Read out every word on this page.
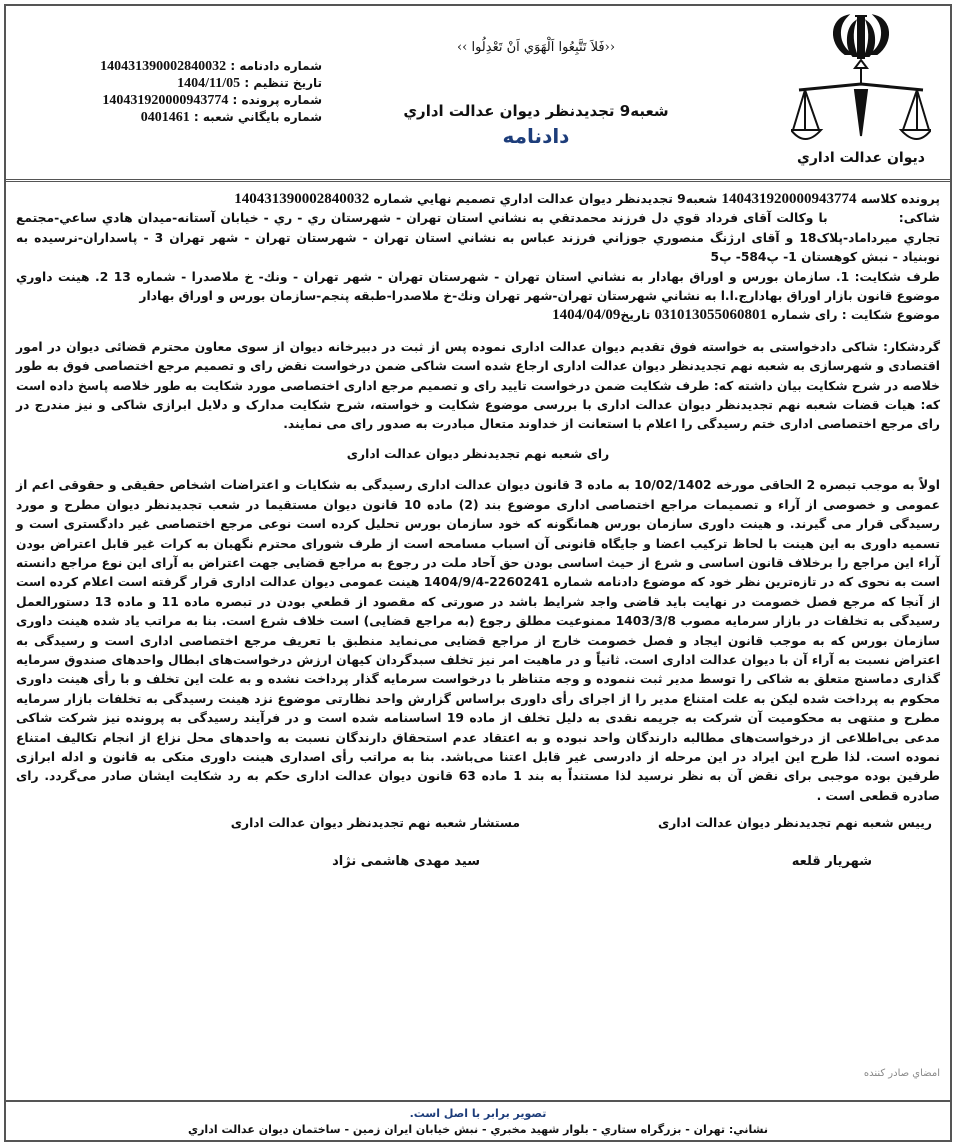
ديوان عدالت اداري
‹‹فَلاَ تَتَّبِعُوا اَلْهَوَي اَنْ تَعْدِلُوا ››
شعبه9 تجديدنظر ديوان عدالت اداري
دادنامه
شماره دادنامه : 140431390002840032
تاريخ تنظيم : 1404/11/05
شماره پرونده : 140431920000943774
شماره بايگاني شعبه : 0401461

پرونده کلاسه 140431920000943774 شعبه9 تجديدنظر ديوان عدالت اداري تصميم نهايي شماره 140431390002840032

شاکی:              با وکالت آقای فرداد قوي دل فرزند محمدتقي به نشاني استان تهران - شهرستان ري - ري - خيابان آستانه-ميدان هادي ساعي-مجتمع تجاري ميرداماد-پلاک18 و آقای ارژنگ منصوري جوزاني فرزند عباس به نشاني استان تهران - شهرستان تهران - شهر تهران 3 - پاسداران-نرسيده به نوبنياد - نبش کوهستان 1- پ584- پ5

طرف شکايت: 1. سازمان بورس و اوراق بهادار به نشاني استان تهران - شهرستان تهران - شهر تهران - ونك- خ ملاصدرا - شماره 13 2. هينت داوري موضوع قانون بازار اوراق بهادارج.ا.ا به نشاني شهرستان تهران-شهر تهران ونك-خ ملاصدرا-طبقه پنجم-سازمان بورس و اوراق بهادار

موضوع شکايت : رای شماره 031013055060801 تاريخ1404/04/09

گردشکار: شاکی دادخواستی به خواسته فوق تقديم ديوان عدالت اداری نموده پس از ثبت در دبيرخانه ديوان از سوی معاون محترم قضائی ديوان در امور اقتصادی و شهرسازی به شعبه نهم تجديدنظر ديوان عدالت اداری ارجاع شده است شاکی ضمن درخواست نقض رای و تصميم مرجع اختصاصی فوق به طور خلاصه در شرح شکايت بيان داشته که: طرف شکايت ضمن درخواست تاييد رای و تصميم مرجع اداری اختصاصی مورد شکايت به طور خلاصه پاسخ داده است که: هيات قضات شعبه نهم تجديدنظر ديوان عدالت اداری با بررسی موضوع شکايت و خواسته، شرح شکايت مدارک و دلايل ابرازی شاکی و نيز مندرج در رای مرجع اختصاصی اداری ختم رسيدگی را اعلام با استعانت از خداوند متعال مبادرت به صدور رای می نمايند.

رای شعبه نهم تجديدنظر ديوان عدالت اداری

اولاً به موجب تبصره 2 الحاقی مورخه 10/02/1402 به ماده 3 قانون ديوان عدالت اداری رسيدگی به شکايات و اعتراضات اشخاص حقيقی و حقوقی اعم از عمومی و خصوصی از آراء و تصميمات مراجع اختصاصی اداری موضوع بند (2) ماده 10 قانون ديوان مستقيما در شعب تجديدنظر ديوان مطرح و مورد رسيدگی قرار می گيرند. و هينت داوری سازمان بورس همانگونه که خود سازمان بورس تحليل کرده است نوعی مرجع اختصاصی غير دادگستری است و تسميه داوری به اين هينت با لحاظ ترکيب اعضا و جايگاه قانونی آن اسباب مسامحه است از طرف شورای محترم نگهبان به کرات غير قابل اعتراض بودن آراء اين مراجع را برخلاف قانون اساسی و شرع از حيث اساسی بودن حق آحاد ملت در رجوع به مراجع قضايی جهت اعتراض به آرای اين نوع مراجع دانسته است به نحوی که در تازه‌ترين نظر خود که موضوع دادنامه شماره 2260241-1404/9/4 هينت عمومی ديوان عدالت اداری قرار گرفته است اعلام کرده است از آنجا که مرجع فصل خصومت در نهايت بايد قاضی واجد شرايط باشد در صورتی که مقصود از قطعي بودن در تبصره ماده 11 و ماده 13 دستورالعمل رسيدگی به تخلفات در بازار سرمايه مصوب 1403/3/8 ممنوعيت مطلق رجوع (به مراجع قضايی) است خلاف شرع است. بنا به مراتب ياد شده هينت داوری سازمان بورس که به موجب قانون ايجاد و فصل خصومت خارج از مراجع قضايی می‌نمايد منطبق با تعريف مرجع اختصاصی اداری است و رسيدگی به اعتراض نسبت به آراء آن با ديوان عدالت اداری است. ثانياً و در ماهيت امر نيز تخلف سبدگردان کيهان ارزش درخواست‌های ابطال واحدهای صندوق سرمايه گذاری دماسنج متعلق به شاکی را توسط مدير ثبت ننموده و وجه متناظر با درخواست سرمايه گذار پرداخت نشده و به علت اين تخلف و با رأی هينت داوری محکوم به پرداخت شده ليکن به علت امتناع مدير را از اجرای رأی داوری براساس گزارش واحد نظارتی موضوع نزد هينت رسيدگی به تخلفات بازار سرمايه مطرح و منتهی به محکوميت آن شرکت به جريمه نقدی به دليل تخلف از ماده 19 اساسنامه شده است و در فرآيند رسيدگی به پرونده نيز شرکت شاکی مدعی بی‌اطلاعی از درخواست‌های مطالبه دارندگان واحد نبوده و به اعتقاد عدم استحقاق دارندگان نسبت به واحدهای محل نزاع از انجام تکاليف امتناع نموده است. لذا طرح اين ايراد در اين مرحله از دادرسی غير قابل اعتنا می‌باشد. بنا به مراتب رأی اصداری هينت داوری متکی به قانون و ادله ابرازی طرفين بوده موجبی برای نقض آن به نظر نرسيد لذا مستنداً به بند 1 ماده 63 قانون ديوان عدالت اداری حکم به رد شکايت ايشان صادر می‌گردد. رای صادره قطعی است .

رييس شعبه نهم تجديدنظر ديوان عدالت اداری
شهريار قلعه
مستشار شعبه نهم تجديدنظر ديوان عدالت اداری
سيد مهدی هاشمی نژاد
امضاي صادر کننده
تصوير برابر با اصل است.
نشاني: تهران - بزرگراه ستاري - بلوار شهيد مخبري - نبش خيابان ايران زمين - ساختمان ديوان عدالت اداري
